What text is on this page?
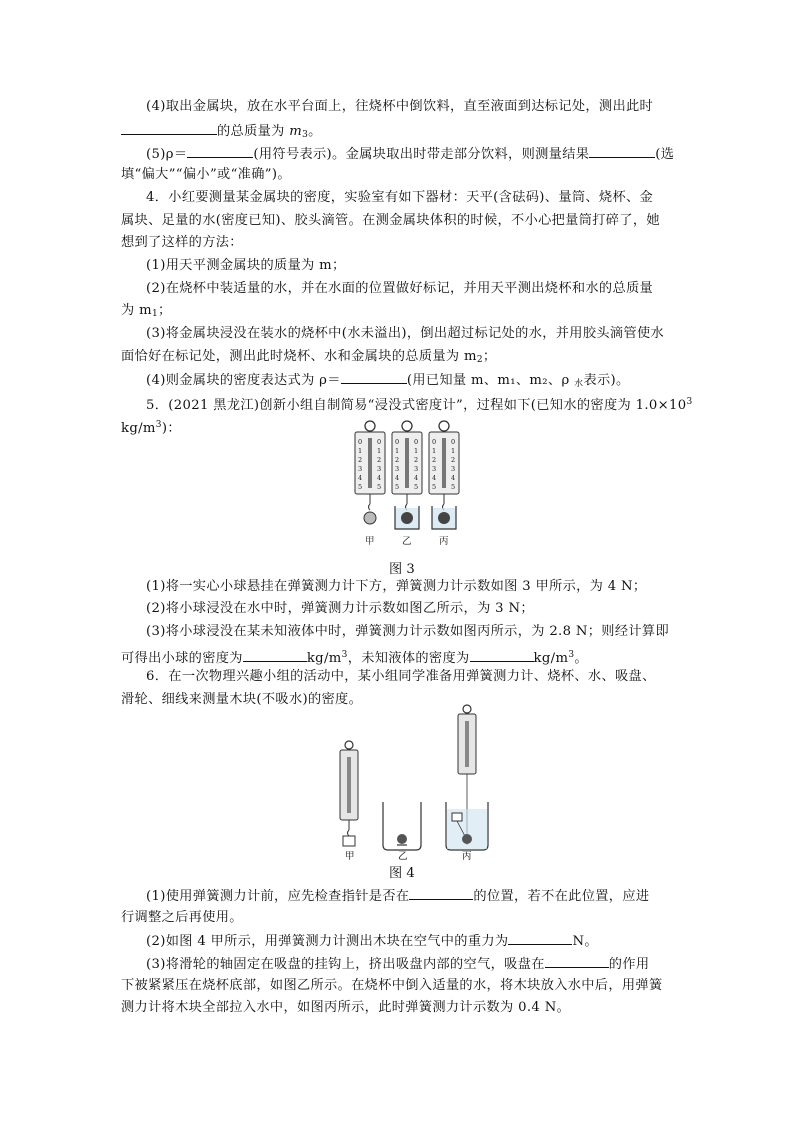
(4)取出金属块，放在水平台面上，往烧杯中倒饮料，直至液面到达标记处，测出此时
的总质量为 $m_3$。
(5)ρ＝	(用符号表示)。金属块取出时带走部分饮料，则测量结果	(选
填“偏大”“偏小”或“准确”)。
4．小红要测量某金属块的密度，实验室有如下器材：天平(含砝码)、量筒、烧杯、金
属块、足量的水(密度已知)、胶头滴管。在测金属块体积的时候，不小心把量筒打碎了，她
想到了这样的方法：
(1)用天平测金属块的质量为 m；
(2)在烧杯中装适量的水，并在水面的位置做好标记，并用天平测出烧杯和水的总质量
为 $m_1$；
(3)将金属块浸没在装水的烧杯中(水未溢出)，倒出超过标记处的水，并用胶头滴管使水
面恰好在标记处，测出此时烧杯、水和金属块的总质量为 $m_2$；
(4)则金属块的密度表达式为 ρ＝	(用已知量 m、m₁、m₂、ρ $_水$表示)。
5．(2021 黑龙江)创新小组自制简易“浸没式密度计”，过程如下(已知水的密度为 $1.0\times 10^3$
$kg/m^3$)：
0 0
1 1
2 2
3 3
4 4
5 5
甲
0 0
1 1
2 2
3 3
4 4
5 5
乙
0 0
1 1
2 2
3 3
4 4
5 5
丙
图 3
(1)将一实心小球悬挂在弹簧测力计下方，弹簧测力计示数如图 3 甲所示，为 4 N；
(2)将小球浸没在水中时，弹簧测力计示数如图乙所示，为 3 N；
(3)将小球浸没在某未知液体中时，弹簧测力计示数如图丙所示，为 2.8 N；则经计算即
可得出小球的密度为	$kg/m^3$，未知液体的密度为	$kg/m^3$。
6．在一次物理兴趣小组的活动中，某小组同学准备用弹簧测力计、烧杯、水、吸盘、
滑轮、细线来测量木块(不吸水)的密度。
甲	乙	丙
图 4
(1)使用弹簧测力计前，应先检查指针是否在	的位置，若不在此位置，应进
行调整之后再使用。
(2)如图 4 甲所示，用弹簧测力计测出木块在空气中的重力为	N。
(3)将滑轮的轴固定在吸盘的挂钩上，挤出吸盘内部的空气，吸盘在	的作用
下被紧紧压在烧杯底部，如图乙所示。在烧杯中倒入适量的水，将木块放入水中后，用弹簧
测力计将木块全部拉入水中，如图丙所示，此时弹簧测力计示数为 0.4 N。
